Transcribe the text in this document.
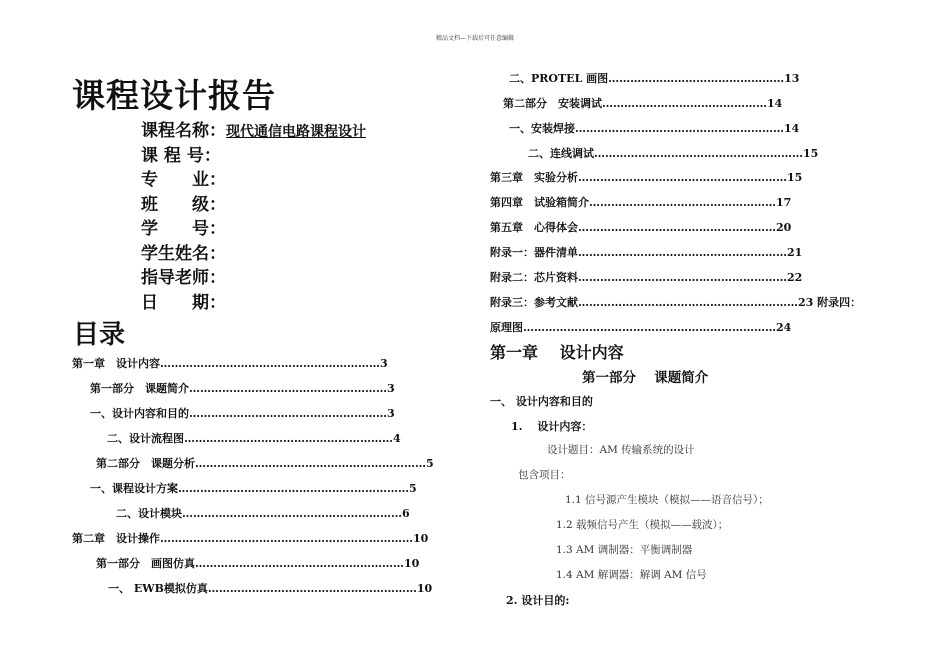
精品文档---下载后可任意编辑
课程设计报告
课程名称：现代通信电路课程设计
课 程 号：
专　　业：
班　　级：
学　　号：
学生姓名：
指导老师：
日　　期：
目录
第一章　设计内容……………………………………………………3
第一部分　课题简介………………………………………………3
一、设计内容和目的………………………………………………3
二、设计流程图…………………………………………………4
第二部分　课题分析………………………………………………………5
一、课程设计方案………………………………………………………5
二、设计模块……………………………………………………6
第二章　设计操作……………………………………………………………10
第一部分　画图仿真…………………………………………………10
一、 EWB模拟仿真…………………………………………………10
二、PROTEL 画图…………………………………………13
第二部分　安装调试………………………………………14
一、安装焊接…………………………………………………14
二、连线调试…………………………………………………15
第三章　实验分析…………………………………………………15
第四章　试验箱简介……………………………………………17
第五章　心得体会………………………………………………20
附录一：器件清单…………………………………………………21
附录二：芯片资料…………………………………………………22
附录三：参考文献……………………………………………………23 附录四：
原理图……………………………………………………………24
第一章　 设计内容
第一部分　 课题简介
一、 设计内容和目的
1.　 设计内容：
设计题目：AM 传输系统的设计
包含项目：
1.1 信号源产生模块（模拟——语音信号）；
1.2 载频信号产生（模拟——载波）；
1.3 AM 调制器：平衡调制器
1.4 AM 解调器：解调 AM 信号
2. 设计目的:
